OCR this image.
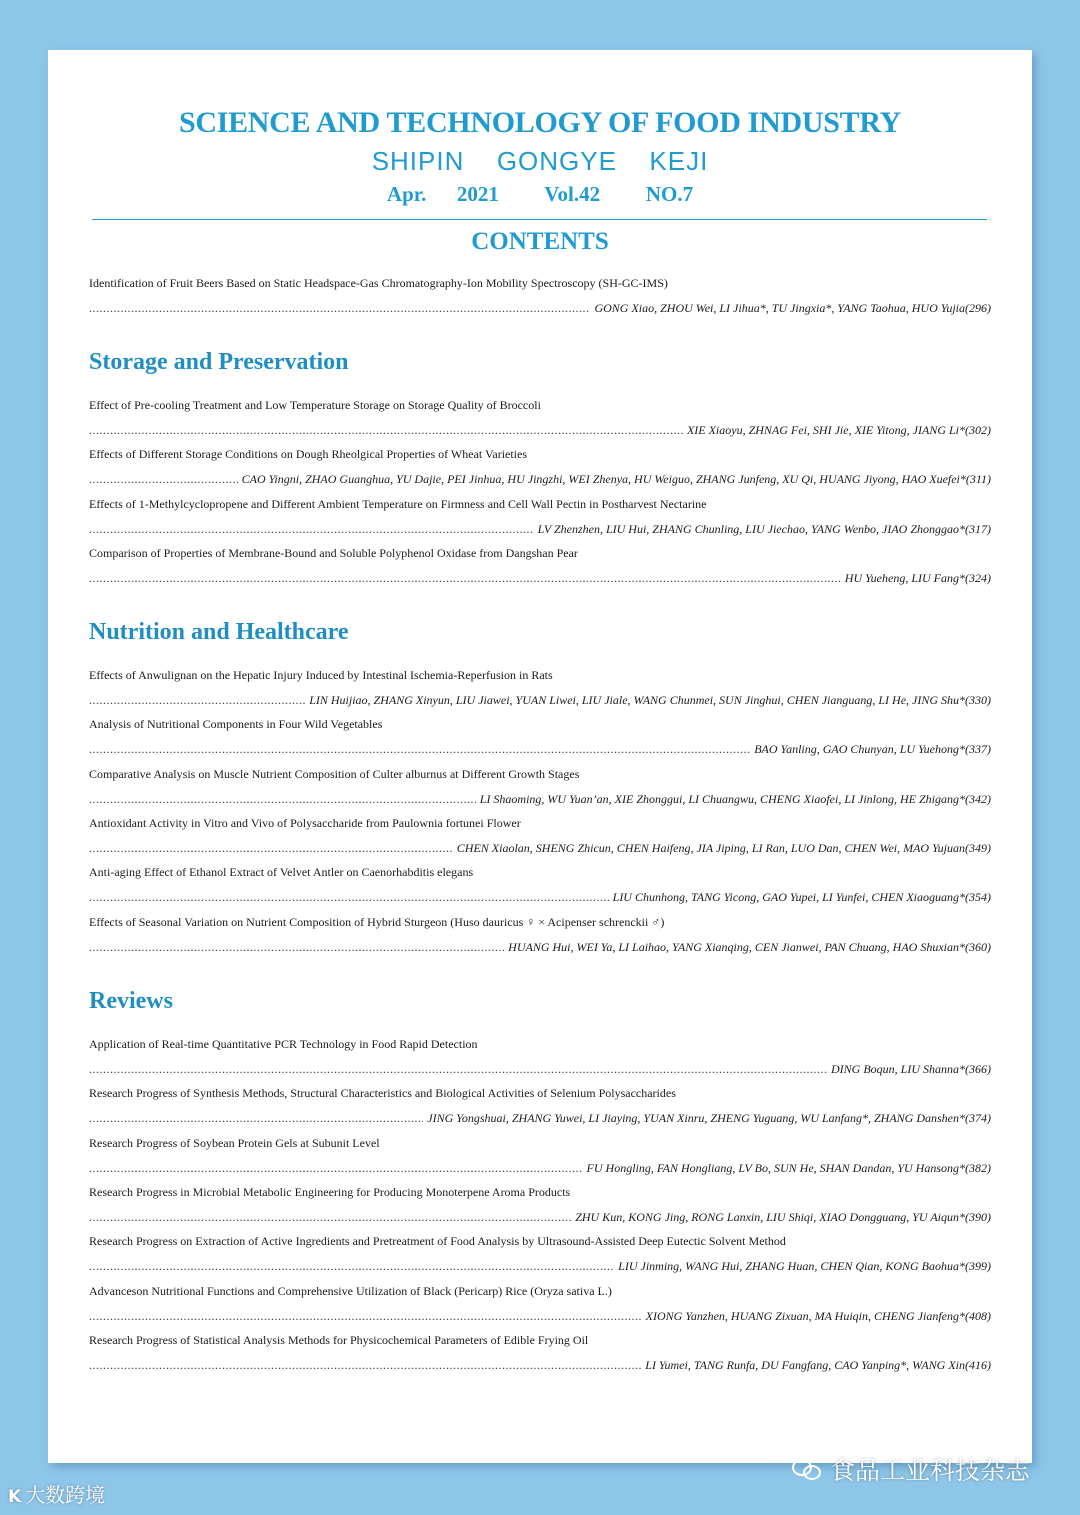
SCIENCE AND TECHNOLOGY OF FOOD INDUSTRY
SHIPIN  GONGYE  KEJI
Apr.  2021   Vol.42   NO.7
CONTENTS
Identification of Fruit Beers Based on Static Headspace-Gas Chromatography-Ion Mobility Spectroscopy (SH-GC-IMS)
.....
GONG Xiao, ZHOU Wei, LI Jihua*, TU Jingxia*, YANG Taohua, HUO Yujia(296)
Storage and Preservation
Effect of Pre-cooling Treatment and Low Temperature Storage on Storage Quality of Broccoli
.....
XIE Xiaoyu, ZHNAG Fei, SHI Jie, XIE Yitong, JIANG Li*(302)
Effects of Different Storage Conditions on Dough Rheolgical Properties of Wheat Varieties
.....
CAO Yingni, ZHAO Guanghua, YU Dajie, PEI Jinhua, HU Jingzhi, WEI Zhenya, HU Weiguo, ZHANG Junfeng, XU Qi, HUANG Jiyong, HAO Xuefei*(311)
Effects of 1-Methylcyclopropene and Different Ambient Temperature on Firmness and Cell Wall Pectin in Postharvest Nectarine
.....
LV Zhenzhen, LIU Hui, ZHANG Chunling, LIU Jiechao, YANG Wenbo, JIAO Zhonggao*(317)
Comparison of Properties of Membrane-Bound and Soluble Polyphenol Oxidase from Dangshan Pear
.....
HU Yueheng, LIU Fang*(324)
Nutrition and Healthcare
Effects of Anwulignan on the Hepatic Injury Induced by Intestinal Ischemia-Reperfusion in Rats
.....
LIN Huijiao, ZHANG Xinyun, LIU Jiawei, YUAN Liwei, LIU Jiale, WANG Chunmei, SUN Jinghui, CHEN Jianguang, LI He, JING Shu*(330)
Analysis of Nutritional Components in Four Wild Vegetables
.....
BAO Yanling, GAO Chunyan, LU Yuehong*(337)
Comparative Analysis on Muscle Nutrient Composition of Culter alburnus at Different Growth Stages
.....
LI Shaoming, WU Yuan’an, XIE Zhonggui, LI Chuangwu, CHENG Xiaofei, LI Jinlong, HE Zhigang*(342)
Antioxidant Activity in Vitro and Vivo of Polysaccharide from Paulownia fortunei Flower
.....
CHEN Xiaolan, SHENG Zhicun, CHEN Haifeng, JIA Jiping, LI Ran, LUO Dan, CHEN Wei, MAO Yujuan(349)
Anti-aging Effect of Ethanol Extract of Velvet Antler on Caenorhabditis elegans
.....
LIU Chunhong, TANG Yicong, GAO Yupei, LI Yunfei, CHEN Xiaoguang*(354)
Effects of Seasonal Variation on Nutrient Composition of Hybrid Sturgeon (Huso dauricus ♀ × Acipenser schrenckii ♂)
.....
HUANG Hui, WEI Ya, LI Laihao, YANG Xianqing, CEN Jianwei, PAN Chuang, HAO Shuxian*(360)
Reviews
Application of Real-time Quantitative PCR Technology in Food Rapid Detection
.....
DING Boqun, LIU Shanna*(366)
Research Progress of Synthesis Methods, Structural Characteristics and Biological Activities of Selenium Polysaccharides
.....
JING Yongshuai, ZHANG Yuwei, LI Jiaying, YUAN Xinru, ZHENG Yuguang, WU Lanfang*, ZHANG Danshen*(374)
Research Progress of Soybean Protein Gels at Subunit Level
.....
FU Hongling, FAN Hongliang, LV Bo, SUN He, SHAN Dandan, YU Hansong*(382)
Research Progress in Microbial Metabolic Engineering for Producing Monoterpene Aroma Products
.....
ZHU Kun, KONG Jing, RONG Lanxin, LIU Shiqi, XIAO Dongguang, YU Aiqun*(390)
Research Progress on Extraction of Active Ingredients and Pretreatment of Food Analysis by Ultrasound-Assisted Deep Eutectic Solvent Method
.....
LIU Jinming, WANG Hui, ZHANG Huan, CHEN Qian, KONG Baohua*(399)
Advanceson Nutritional Functions and Comprehensive Utilization of Black (Pericarp) Rice (Oryza sativa L.)
.....
XIONG Yanzhen, HUANG Zixuan, MA Huiqin, CHENG Jianfeng*(408)
Research Progress of Statistical Analysis Methods for Physicochemical Parameters of Edible Frying Oil
.....
LI Yumei, TANG Runfa, DU Fangfang, CAO Yanping*, WANG Xin(416)
K 大数跨境
食品工业科技杂志
